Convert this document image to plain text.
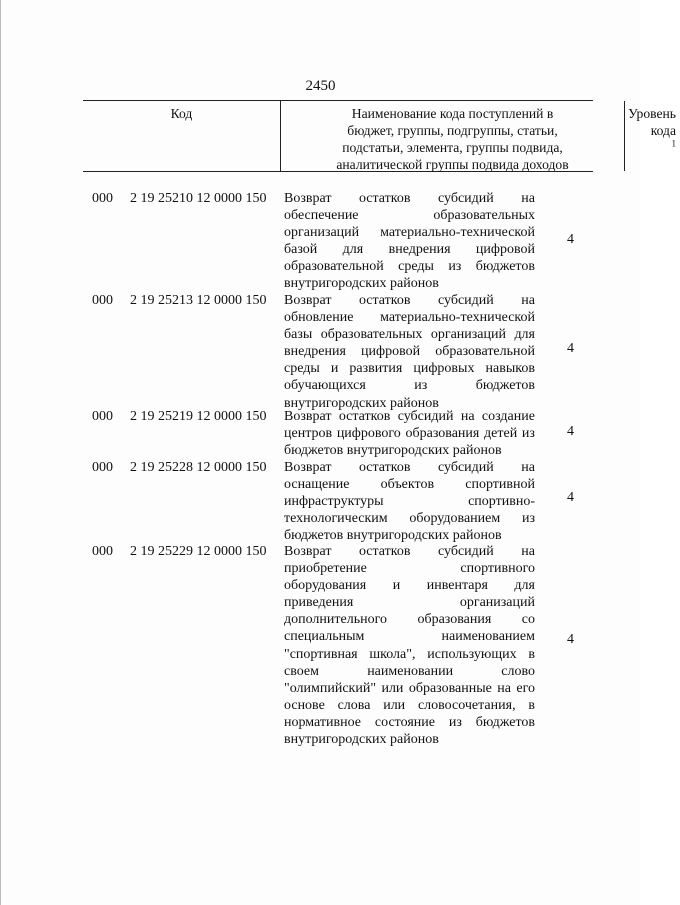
2450
Код	Наименование кода поступлений в
бюджет, группы, подгруппы, статьи,
подстатьи, элемента, группы подвида,
аналитической группы подвида доходов
Уровень
кода
$^1$
000 2 19 25210 12 0000 150 Возврат остатков субсидий на
обеспечение	образовательных
организаций материально-технической
базой для внедрения цифровой
образовательной среды из бюджетов
внутригородских районов
4
000 2 19 25213 12 0000 150 Возврат остатков субсидий на
обновление материально-технической
базы образовательных организаций для
внедрения цифровой образовательной
среды и развития цифровых навыков
обучающихся	из	бюджетов
внутригородских районов
4
000 2 19 25219 12 0000 150 Возврат остатков субсидий на создание
центров цифрового образования детей из
бюджетов внутригородских районов
4
000 2 19 25228 12 0000 150 Возврат остатков субсидий на
оснащение объектов спортивной
инфраструктуры	спортивно-
технологическим оборудованием из
бюджетов внутригородских районов
4
000 2 19 25229 12 0000 150 Возврат остатков субсидий на
приобретение	спортивного
оборудования и инвентаря для
приведения	организаций
дополнительного образования со
специальным	наименованием
"спортивная школа", использующих в
своем	наименовании	слово
"олимпийский" или образованные на его
основе слова или словосочетания, в
нормативное состояние из бюджетов
внутригородских районов
4
